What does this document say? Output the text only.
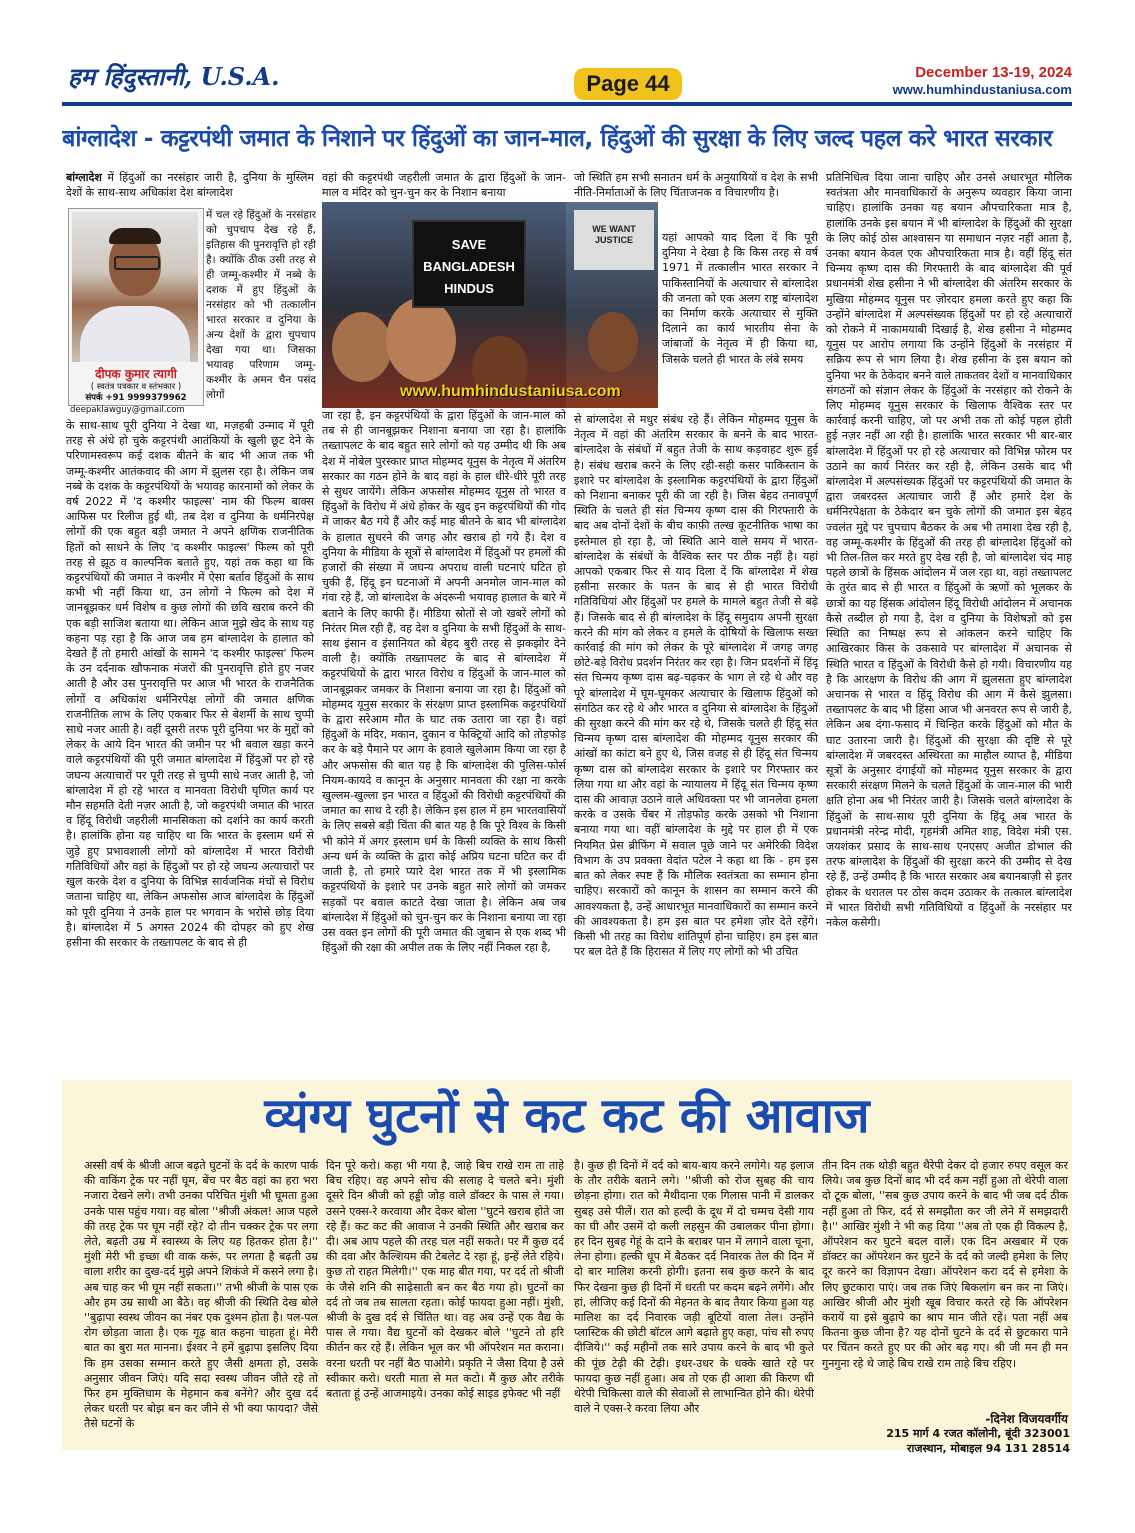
हम हिंदुस्तानी, U.S.A.	Page 44	December 13-19, 2024
www.humhindustaniusa.com
बांग्लादेश - कट्टरपंथी जमात के निशाने पर हिंदुओं का जान-माल, हिंदुओं की सुरक्षा के लिए जल्द पहल करे भारत सरकार
बांग्लादेश में हिंदुओं का नरसंहार जारी है, दुनिया के मुस्लिम देशों के साथ-साथ अधिकांश देश बांग्लादेश
दीपक कुमार त्यागी
( स्वतंत्र पत्रकार व स्तंभकार )
संपर्क +91 9999379962
deepaklawguy@gmail.com
में चल रहे हिंदुओं के नरसंहार को चुपचाप देख रहे हैं, इतिहास की पुनरावृत्ति हो रही है। क्योंकि ठीक उसी तरह से ही जम्मू-कश्मीर में नब्बे के दशक में हुए हिंदुओं के नरसंहार को भी तत्कालीन भारत सरकार व दुनिया के अन्य देशों के द्वारा चुपचाप देखा गया था। जिसका भयावह परिणाम जम्मू-कश्मीर के अमन चैन पसंद लोगों
के साथ-साथ पूरी दुनिया ने देखा था, मज़हबी उन्माद में पूरी तरह से अंधे हो चुके कट्टरपंथी आतंकियों के खुली छूट देने के परिणामस्वरूप कई दशक बीतने के बाद भी आज तक भी जम्मू-कश्मीर आतंकवाद की आग में झुलस रहा है। लेकिन जब नब्बे के दशक के कट्टरपंथियों के भयावह कारनामों को लेकर के वर्ष 2022 में 'द कश्मीर फाइल्स' नाम की फिल्म बाक्स आफिस पर रिलीज हुई थी, तब देश व दुनिया के धर्मनिरपेक्ष लोगों की एक बहुत बड़ी जमात ने अपने क्षणिक राजनीतिक हितों को साधने के लिए 'द कश्मीर फाइल्स' फिल्म को पूरी तरह से झूठ व काल्पनिक बताते हुए, यहां तक कहा था कि कट्टरपंथियों की जमात ने कश्मीर में ऐसा बर्ताव हिंदुओं के साथ कभी भी नहीं किया था, उन लोगों ने फिल्म को देश में जानबूझकर धर्म विशेष व कुछ लोगों की छवि खराब करने की एक बड़ी साजिश बताया था। लेकिन आज मुझे खेद के साथ यह कहना पड़ रहा है कि आज जब हम बांग्लादेश के हालात को देखते हैं तो हमारी आंखों के सामने 'द कश्मीर फाइल्स' फिल्म के उन दर्दनाक खौफनाक मंजरों की पुनरावृत्ति होते हुए नजर आती है और उस पुनरावृत्ति पर आज भी भारत के राजनैतिक लोगों व अधिकांश धर्मनिरपेक्ष लोगों की जमात क्षणिक राजनीतिक लाभ के लिए एकबार फिर से बेशर्मी के साथ चुप्पी साधे नजर आती है। वहीं दूसरी तरफ पूरी दुनिया भर के मुद्दों को लेकर के आये दिन भारत की जमीन पर भी बवाल खड़ा करने वाले कट्टरपंथियों की पूरी जमात बांग्लादेश में हिंदुओं पर हो रहे जघन्य अत्याचारों पर पूरी तरह से चुप्पी साधे नजर आती है, जो बांग्लादेश में हो रहे भारत व मानवता विरोधी घृणित कार्य पर मौन सहमति देती नज़र आती है, जो कट्टरपंथी जमात की भारत व हिंदू विरोधी जहरीली मानसिकता को दर्शाने का कार्य करती है। हालांकि होना यह चाहिए था कि भारत के इस्लाम धर्म से जुड़े हुए प्रभावशाली लोगों को बांग्लादेश में भारत विरोधी गतिविधियों और वहां के हिंदुओं पर हो रहे जघन्य अत्याचारों पर खुल करके देश व दुनिया के विभिन्न सार्वजनिक मंचों से विरोध जताना चाहिए था, लेकिन अफसोस आज बांग्लादेश के हिंदुओं को पूरी दुनिया ने उनके हाल पर भगवान के भरोसे छोड़ दिया है। बांग्लादेश में 5 अगस्त 2024 की दोपहर को हुए शेख हसीना की सरकार के तख्तापलट के बाद से ही
वहां की कट्टरपंथी जहरीली जमात के द्वारा हिंदुओं के जान-माल व मंदिर को चुन-चुन कर के निशान बनाया
SAVE BANGLADESH HINDUS
WE WANT JUSTICE
www.humhindustaniusa.com
जा रहा है, इन कट्टरपंथियों के द्वारा हिंदुओं के जान-माल को तब से ही जानबूझकर निशाना बनाया जा रहा है। हालांकि तख्तापलट के बाद बहुत सारे लोगों को यह उम्मीद थी कि अब देश में नोबेल पुरस्कार प्राप्त मोहम्मद यूनुस के नेतृत्व में अंतरिम सरकार का गठन होने के बाद वहां के हाल धीरे-धीरे पूरी तरह से सुधर जायेंगे। लेकिन अफसोस मोहम्मद यूनुस तो भारत व हिंदुओं के विरोध में अंधे होकर के खुद इन कट्टरपंथियों की गोद में जाकर बैठ गये हैं और कई माह बीतने के बाद भी बांग्लादेश के हालात सुधरने की जगह और खराब हो गये हैं। देश व दुनिया के मीडिया के सूत्रों से बांग्लादेश में हिंदुओं पर हमलों की हजारों की संख्या में जघन्य अपराध वाली घटनाएं घटित हो चुकी हैं, हिंदू इन घटनाओं में अपनी अनमोल जान-माल को गंवा रहे हैं, जो बांग्लादेश के अंदरूनी भयावह हालात के बारे में बताने के लिए काफी हैं। मीडिया स्रोतों से जो खबरें लोगों को निरंतर मिल रही हैं, वह देश व दुनिया के सभी हिंदुओं के साथ-साथ इंसान व इंसानियत को बेहद बुरी तरह से झकझोर देने वाली है। क्योंकि तख्तापलट के बाद से बांग्लादेश में कट्टरपंथियों के द्वारा भारत विरोध व हिंदुओं के जान-माल को जानबूझकर जमकर के निशाना बनाया जा रहा है। हिंदुओं को मोहम्मद यूनुस सरकार के संरक्षण प्राप्त इस्लामिक कट्टरपंथियों के द्वारा सरेआम मौत के घाट तक उतारा जा रहा है। वहां हिंदुओं के मंदिर, मकान, दुकान व फेक्ट्रियों आदि को तोड़फोड़ कर के बड़े पैमाने पर आग के हवाले खुलेआम किया जा रहा है और अफसोस की बात यह है कि बांग्लादेश की पुलिस-फोर्स नियम-कायदे व कानून के अनुसार मानवता की रक्षा ना करके खुल्लम-खुल्ला इन भारत व हिंदुओं की विरोधी कट्टरपंथियों की जमात का साथ दे रही है। लेकिन इस हाल में हम भारतवासियों के लिए सबसे बड़ी चिंता की बात यह है कि पूरे विश्व के किसी भी कोने में अगर इस्लाम धर्म के किसी व्यक्ति के साथ किसी अन्य धर्म के व्यक्ति के द्वारा कोई अप्रिय घटना घटित कर दी जाती है, तो हमारे प्यारे देश भारत तक में भी इस्लामिक कट्टरपंथियों के इशारे पर उनके बहुत सारे लोगों को जमकर सड़कों पर बवाल काटते देखा जाता है। लेकिन अब जब बांग्लादेश में हिंदुओं को चुन-चुन कर के निशाना बनाया जा रहा उस वक्त इन लोगों की पूरी जमात की जुबान से एक शब्द भी हिंदुओं की रक्षा की अपील तक के लिए नहीं निकल रहा है,
जो स्थिति हम सभी सनातन धर्म के अनुयायियों व देश के सभी नीति-निर्माताओं के लिए चिंताजनक व विचारणीय है।
यहां आपको याद दिला दें कि पूरी दुनिया ने देखा है कि किस तरह से वर्ष 1971 में तत्कालीन भारत सरकार ने पाकिस्तानियों के अत्याचार से बांग्लादेश की जनता को एक अलग राष्ट्र बांग्लादेश का निर्माण करके अत्याचार से मुक्ति दिलाने का कार्य भारतीय सेना के जांबाजों के नेतृत्व में ही किया था, जिसके चलते ही भारत के लंबे समय
से बांग्लादेश से मधुर संबंध रहे हैं। लेकिन मोहम्मद यूनुस के नेतृत्व में वहां की अंतरिम सरकार के बनने के बाद भारत-बांग्लादेश के संबंधों में बहुत तेजी के साथ कड़वाहट शुरू हुई है। संबंध खराब करने के लिए रही-सही कसर पाकिस्तान के इशारे पर बांग्लादेश के इस्लामिक कट्टरपंथियों के द्वारा हिंदुओं को निशाना बनाकर पूरी की जा रही है। जिस बेहद तनावपूर्ण स्थिति के चलते ही संत चिन्मय कृष्ण दास की गिरफ्तारी के बाद अब दोनों देशों के बीच काफ़ी तल्ख कूटनीतिक भाषा का इस्तेमाल हो रहा है, जो स्थिति आने वाले समय में भारत-बांग्लादेश के संबंधों के वैश्विक स्तर पर ठीक नहीं है। यहां आपको एकबार फिर से याद दिला दें कि बांग्लादेश में शेख हसीना सरकार के पतन के बाद से ही भारत विरोधी गतिविधियां और हिंदुओं पर हमले के मामले बहुत तेजी से बढ़े हैं। जिसके बाद से ही बांग्लादेश के हिंदू समुदाय अपनी सुरक्षा करने की मांग को लेकर व हमले के दोषियों के खिलाफ सख्त कार्रवाई की मांग को लेकर के पूरे बांग्लादेश में जगह जगह छोटे-बड़े विरोध प्रदर्शन निरंतर कर रहा है। जिन प्रदर्शनों में हिंदू संत चिन्मय कृष्ण दास बढ़-चढ़कर के भाग ले रहे थे और वह पूरे बांग्लादेश में घूम-घूमकर अत्याचार के खिलाफ हिंदुओं को संगठित कर रहे थे और भारत व दुनिया से बांग्लादेश के हिंदुओं की सुरक्षा करने की मांग कर रहे थे, जिसके चलते ही हिंदू संत चिन्मय कृष्ण दास बांग्लादेश की मोहम्मद यूनुस सरकार की आंखों का कांटा बने हुए थे, जिस वजह से ही हिंदू संत चिन्मय कृष्ण दास को बांग्लादेश सरकार के इशारे पर गिरफ्तार कर लिया गया था और वहां के न्यायालय में हिंदू संत चिन्मय कृष्ण दास की आवाज़ उठाने वाले अधिवक्ता पर भी जानलेवा हमला करके व उसके चैंबर में तोड़फोड़ करके उसको भी निशाना बनाया गया था। वहीं बांग्लादेश के मुद्दे पर हाल ही में एक नियमित प्रेस ब्रीफिंग में सवाल पूछे जाने पर अमेरिकी विदेश विभाग के उप प्रवक्ता वेदांत पटेल ने कहा था कि - हम इस बात को लेकर स्पष्ट हैं कि मौलिक स्वतंत्रता का सम्मान होना चाहिए। सरकारों को कानून के शासन का सम्मान करने की आवश्यकता है, उन्हें आधारभूत मानवाधिकारों का सम्मान करने की आवश्यकता है। हम इस बात पर हमेशा ज़ोर देते रहेंगे। किसी भी तरह का विरोध शांतिपूर्ण होना चाहिए। हम इस बात पर बल देते हैं कि हिरासत में लिए गए लोगों को भी उचित
प्रतिनिधित्व दिया जाना चाहिए और उनसे अधारभूत मौलिक स्वतंत्रता और मानवाधिकारों के अनुरूप व्यवहार किया जाना चाहिए। हालांकि उनका यह बयान औपचारिकता मात्र है, हालांकि उनके इस बयान में भी बांग्लादेश के हिंदुओं की सुरक्षा के लिए कोई ठोस आश्वासन या समाधान नज़र नहीं आता है, उनका बयान केवल एक औपचारिकता मात्र है। वहीं हिंदू संत चिन्मय कृष्ण दास की गिरफ्तारी के बाद बांग्लादेश की पूर्व प्रधानमंत्री शेख हसीना ने भी बांग्लादेश की अंतरिम सरकार के मुखिया मोहम्मद यूनुस पर ज़ोरदार हमला करते हुए कहा कि उन्होंने बांग्लादेश में अल्पसंख्यक हिंदुओं पर हो रहे अत्याचारों को रोकने में नाकामयाबी दिखाई है, शेख हसीना ने मोहम्मद यूनुस पर आरोप लगाया कि उन्होंने हिंदुओं के नरसंहार में सक्रिय रूप से भाग लिया है। शेख हसीना के इस बयान को दुनिया भर के ठेकेदार बनने वाले ताकतवर देशों व मानवाधिकार संगठनों को संज्ञान लेकर के हिंदुओं के नरसंहार को रोकने के लिए मोहम्मद यूनुस सरकार के खिलाफ वैश्विक स्तर पर कार्रवाई करनी चाहिए, जो पर अभी तक तो कोई पहल होती हुई नज़र नहीं आ रही है। हालांकि भारत सरकार भी बार-बार बांग्लादेश में हिंदुओं पर हो रहे अत्याचार को विभिन्न फोरम पर उठाने का कार्य निरंतर कर रही है, लेकिन उसके बाद भी बांग्लादेश में अल्पसंख्यक हिंदुओं पर कट्टरपंथियों की जमात के द्वारा जबरदस्त अत्याचार जारी हैं और हमारे देश के धर्मनिरपेक्षता के ठेकेदार बन चुके लोगों की जमात इस बेहद ज्वलंत मुद्दे पर चुपचाप बैठकर के अब भी तमाशा देख रही है, वह जम्मू-कश्मीर के हिंदुओं की तरह ही बांग्लादेश हिंदुओं को भी तिल-तिल कर मरते हुए देख रही है, जो बांग्लादेश चंद माह पहले छात्रों के हिंसक आंदोलन में जल रहा था, वहां तख्तापलट के तुरंत बाद से ही भारत व हिंदुओं के ऋणों को भूलकर के छात्रों का यह हिंसक आंदोलन हिंदू विरोधी आंदोलन में अचानक कैसे तब्दील हो गया है, देश व दुनिया के विशेषज्ञों को इस स्थिति का निष्पक्ष रूप से आंकलन करने चाहिए कि आखिरकार किस के उकसावे पर बांग्लादेश में अचानक से स्थिति भारत व हिंदुओं के विरोधी कैसे हो गयी। विचारणीय यह है कि आरक्षण के विरोध की आग में झुलसता हुए बांग्लादेश अचानक से भारत व हिंदू विरोध की आग में कैसे झुलसा। तख्तापलट के बाद भी हिंसा आज भी अनवरत रूप से जारी है, लेकिन अब दंगा-फसाद में चिन्हित करके हिंदुओं को मौत के घाट उतारना जारी है। हिंदुओं की सुरक्षा की दृष्टि से पूरे बांग्लादेश में जबरदस्त अस्थिरता का माहौल व्याप्त है, मीडिया सूत्रों के अनुसार दंगाईयों को मोहम्मद यूनुस सरकार के द्वारा सरकारी संरक्षण मिलने के चलते हिंदुओं के जान-माल की भारी क्षति होना अब भी निरंतर जारी है। जिसके चलते बांग्लादेश के हिंदुओं के साथ-साथ पूरी दुनिया के हिंदू अब भारत के प्रधानमंत्री नरेन्द्र मोदी, गृहमंत्री अमित शाह, विदेश मंत्री एस. जयशंकर प्रसाद के साथ-साथ एनएसए अजीत डोभाल की तरफ बांग्लादेश के हिंदुओं की सुरक्षा करने की उम्मीद से देख रहे हैं, उन्हें उम्मीद है कि भारत सरकार अब बयानबाज़ी से इतर होकर के धरातल पर ठोस कदम उठाकर के तत्काल बांग्लादेश में भारत विरोधी सभी गतिविधियों व हिंदुओं के नरसंहार पर नकेल कसेगी।
व्यंग्य घुटनों से कट कट की आवाज
अस्सी वर्ष के श्रीजी आज बढ़ते घुटनों के दर्द के कारण पार्क की वाकिंग ट्रेक पर नहीं घूम, बेंच पर बैठ वहां का हरा भरा नजारा देखने लगे। तभी उनका परिचित मुंशी भी घूमता हुआ उनके पास पहुंच गया। वह बोला ''श्रीजी अंकल! आज पहले की तरह ट्रेक पर घूम नहीं रहे? दो तीन चक्कर ट्रेक पर लगा लेते, बढ़ती उम्र में स्वास्थ्य के लिए यह हितकर होता है।'' मुंशी मेरी भी इच्छा थी वाक करूं, पर लगता है बढ़ती उम्र वाला शरीर का दुख-दर्द मुझे अपने शिकंजे में कसने लगा है। अब चाह कर भी घूम नहीं सकता।'' तभी श्रीजी के पास एक और हम उम्र साथी आ बैठे। वह श्रीजी की स्थिति देख बोले ''बुढ़ापा स्वस्थ जीवन का नंबर एक दुश्मन होता है। पल-पल रोग छोड़ता जाता है। एक गूढ़ बात कहना चाहता हूं। मेरी बात का बुरा मत मानना। ईश्वर ने हमें बुढ़ापा इसलिए दिया कि हम उसका सम्मान करते हुए जैसी क्षमता हो, उसके अनुसार जीवन जिएं। यदि सदा स्वस्थ जीवन जीते रहे तो फिर हम मुक्तिधाम के मेहमान कब बनेंगे? और दुख दर्द लेकर धरती पर बोझ बन कर जीने से भी क्या फायदा? जैसे तैसे घटनों के
दिन पूरे करो। कहा भी गया है, जाहे बिच राखे राम ता ताहे बिच रहिए। वह अपने सोच की सलाह दे चलते बने। मुंशी दूसरे दिन श्रीजी को हड्डी जोड़ वाले डॉक्टर के पास ले गया। उसने एक्स-रे करवाया और देकर बोला ''घुटने खराब होते जा रहे हैं। कट कट की आवाज ने उनकी स्थिति और खराब कर दी। अब आप पहले की तरह चल नहीं सकते। पर मैं कुछ दर्द की दवा और कैल्शियम की टेबलेट दे रहा हूं, इन्हें लेते रहिये। कुछ तो राहत मिलेगी।'' एक माह बीत गया, पर दर्द तो श्रीजी के जैसे शनि की साढ़ेसाती बन कर बैठ गया हो। घुटनों का दर्द तो जब तब सालता रहता। कोई फायदा हुआ नहीं। मुंशी, श्रीजी के दुख दर्द से चिंतित था। वह अब उन्हें एक वैद्य के पास ले गया। वैद्य घुटनों को देखकर बोले ''घुटने तो हरि कीर्तन कर रहे हैं। लेकिन भूल कर भी ऑपरेशन मत कराना। वरना धरती पर नहीं बैठ पाओगे। प्रकृति ने जैसा दिया है उसे स्वीकार करो। धरती माता से मत कटो। मैं कुछ और तरीके बताता हूं उन्हें आजमाइये। उनका कोई साइड इफेक्ट भी नहीं
है। कुछ ही दिनों में दर्द को बाय-बाय करने लगोगे। यह इलाज के तौर तरीके बताने लगे। ''श्रीजी को रोज सुबह की चाय छोड़ना होगा। रात को मैथीदाना एक गिलास पानी में डालकर सुबह उसे पीलें। रात को हल्दी के दूध में दो चम्मच देसी गाय का घी और उसमें दो कली लहसुन की उबालकर पीना होगा। हर दिन सुबह गेहूं के दाने के बराबर पान में लगाने वाला चूना, लेना होगा। हल्की धूप में बैठकर दर्द निवारक तेल की दिन में दो बार मालिश करनी होगी। इतना सब कुछ करने के बाद फिर देखना कुछ ही दिनों में धरती पर कदम बढ़ने लगेंगे। और हां, लीजिए कई दिनों की मेहनत के बाद तैयार किया हुआ यह मालिश का दर्द निवारक जड़ी बूटियों वाला तेल। उन्होंने प्लास्टिक की छोटी बॉटल आगे बढ़ाते हुए कहा, पांच सौ रुपए दीजिये।'' कई महीनों तक सारे उपाय करने के बाद भी कुते की पूंछ टेढ़ी की टेढ़ी। इधर-उधर के धक्के खाते रहे पर फायदा कुछ नहीं हुआ। अब तो एक ही आशा की किरण थी थेरेपी चिकित्सा वाले की सेवाओं से लाभान्वित होने की। थेरेपी वाले ने एक्स-रे करवा लिया और
तीन दिन तक थोड़ी बहुत थैरेपी देकर दो हजार रुपए वसूल कर लिये। जब कुछ दिनों बाद भी दर्द कम नहीं हुआ तो थेरेपी वाला दो टूक बोला, ''सब कुछ उपाय करने के बाद भी जब दर्द ठीक नहीं हुआ तो फिर, दर्द से समझौता कर जी लेने में समझदारी है।'' आखिर मुंशी ने भी कह दिया ''अब तो एक ही विकल्प है, ऑपरेशन कर घुटने बदल वालें। एक दिन अखबार में एक डॉक्टर का ऑपरेशन कर घुटने के दर्द को जल्दी हमेशा के लिए दूर करने का विज्ञापन देखा। ऑपरेशन करा दर्द से हमेशा के लिए छुटकारा पाएं। जब तक जिएं बिकलांग बन कर ना जिएं। आखिर श्रीजी और मुंशी खूब विचार करते रहे कि ऑपरेशन करायें या इसे बुढ़ापे का श्राप मान जीते रहें। पता नहीं अब कितना कुछ जीना है? यह दोनों घुटने के दर्द से छुटकारा पाने पर चिंतन करते हुए घर की ओर बढ़ गए। श्री जी मन ही मन गुनगुना रहे थे जाहे बिच राखे राम ताहे बिच रहिए।
-दिनेश विजयवर्गीय
215 मार्ग 4 रजत कॉलोनी, बूंदी 323001
राजस्थान, मोबाइल 94 131 28514
